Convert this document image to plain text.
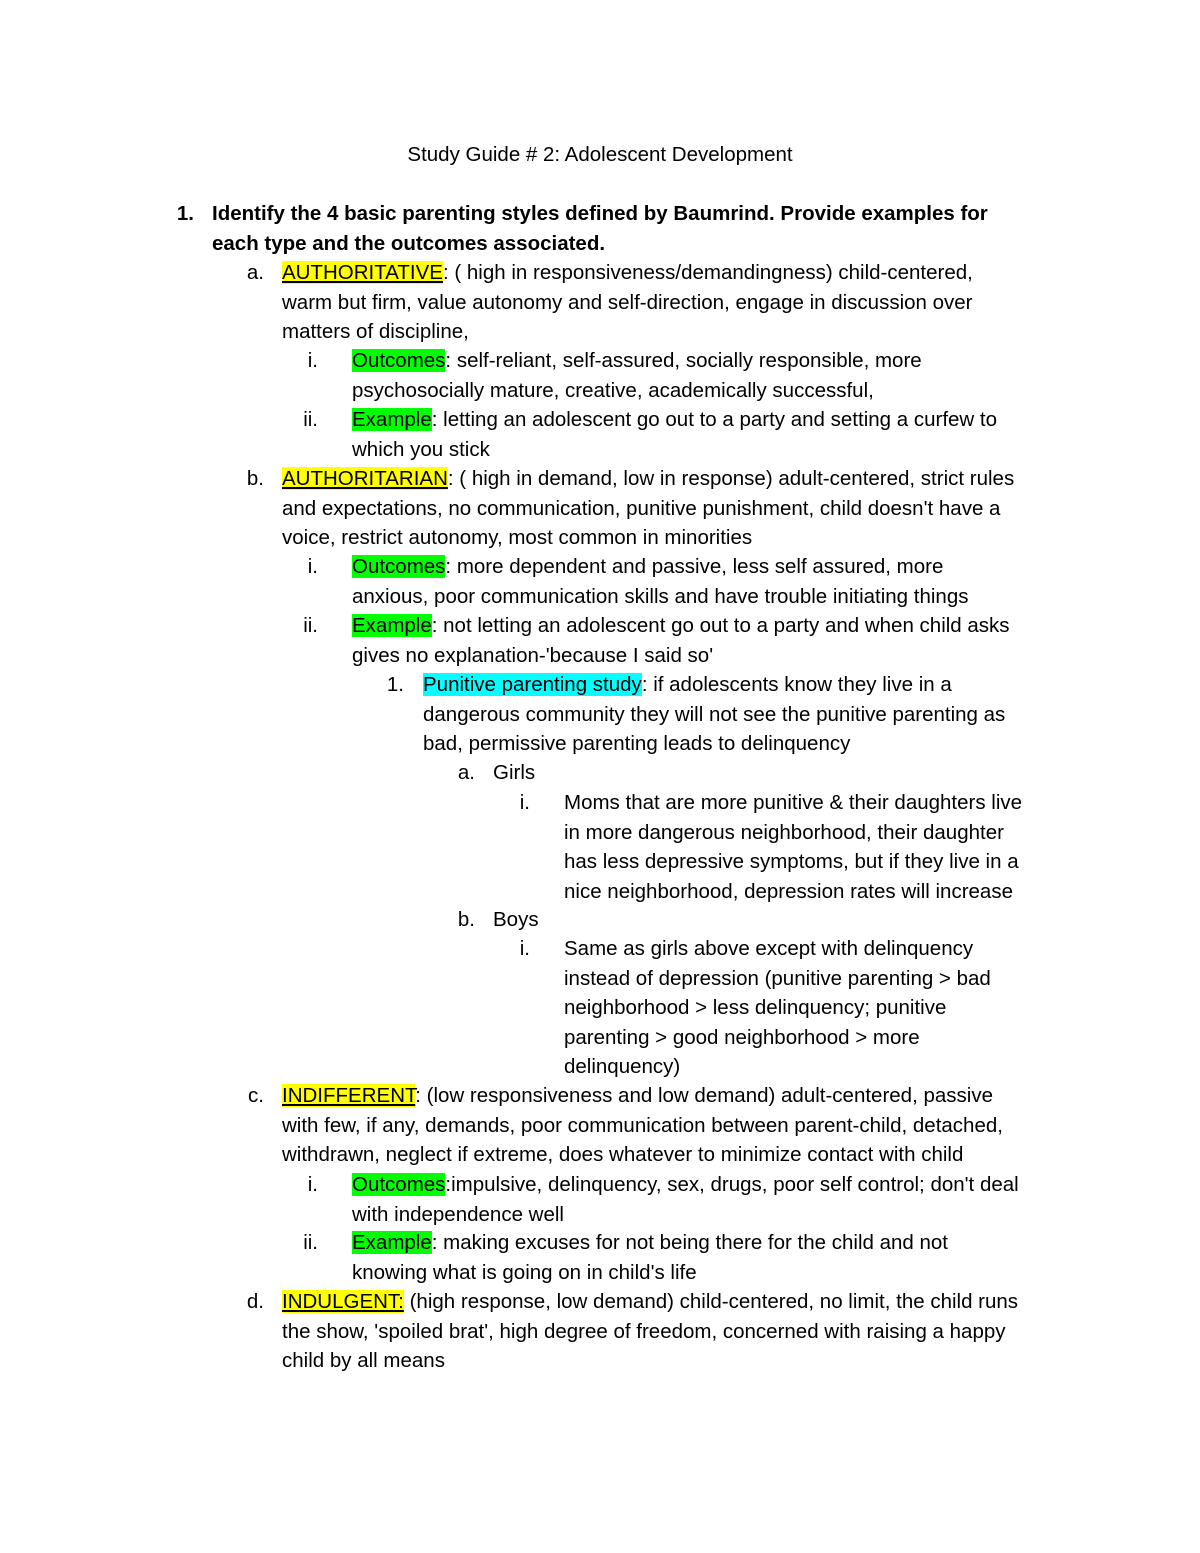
Study Guide # 2: Adolescent Development
1. Identify the 4 basic parenting styles defined by Baumrind. Provide examples for
each type and the outcomes associated.
a. AUTHORITATIVE: ( high in responsiveness/demandingness) child-centered,
warm but firm, value autonomy and self-direction, engage in discussion over
matters of discipline,
i. Outcomes: self-reliant, self-assured, socially responsible, more
psychosocially mature, creative, academically successful,
ii. Example: letting an adolescent go out to a party and setting a curfew to
which you stick
b. AUTHORITARIAN: ( high in demand, low in response) adult-centered, strict rules
and expectations, no communication, punitive punishment, child doesn't have a
voice, restrict autonomy, most common in minorities
i. Outcomes: more dependent and passive, less self assured, more
anxious, poor communication skills and have trouble initiating things
ii. Example: not letting an adolescent go out to a party and when child asks
gives no explanation-'because I said so'
1. Punitive parenting study: if adolescents know they live in a
dangerous community they will not see the punitive parenting as
bad, permissive parenting leads to delinquency
a. Girls
i. Moms that are more punitive & their daughters live
in more dangerous neighborhood, their daughter
has less depressive symptoms, but if they live in a
nice neighborhood, depression rates will increase
b. Boys
i. Same as girls above except with delinquency
instead of depression (punitive parenting > bad
neighborhood > less delinquency; punitive
parenting > good neighborhood > more
delinquency)
c. INDIFFERENT: (low responsiveness and low demand) adult-centered, passive
with few, if any, demands, poor communication between parent-child, detached,
withdrawn, neglect if extreme, does whatever to minimize contact with child
i. Outcomes:impulsive, delinquency, sex, drugs, poor self control; don't deal
with independence well
ii. Example: making excuses for not being there for the child and not
knowing what is going on in child's life
d. INDULGENT: (high response, low demand) child-centered, no limit, the child runs
the show, 'spoiled brat', high degree of freedom, concerned with raising a happy
child by all means
